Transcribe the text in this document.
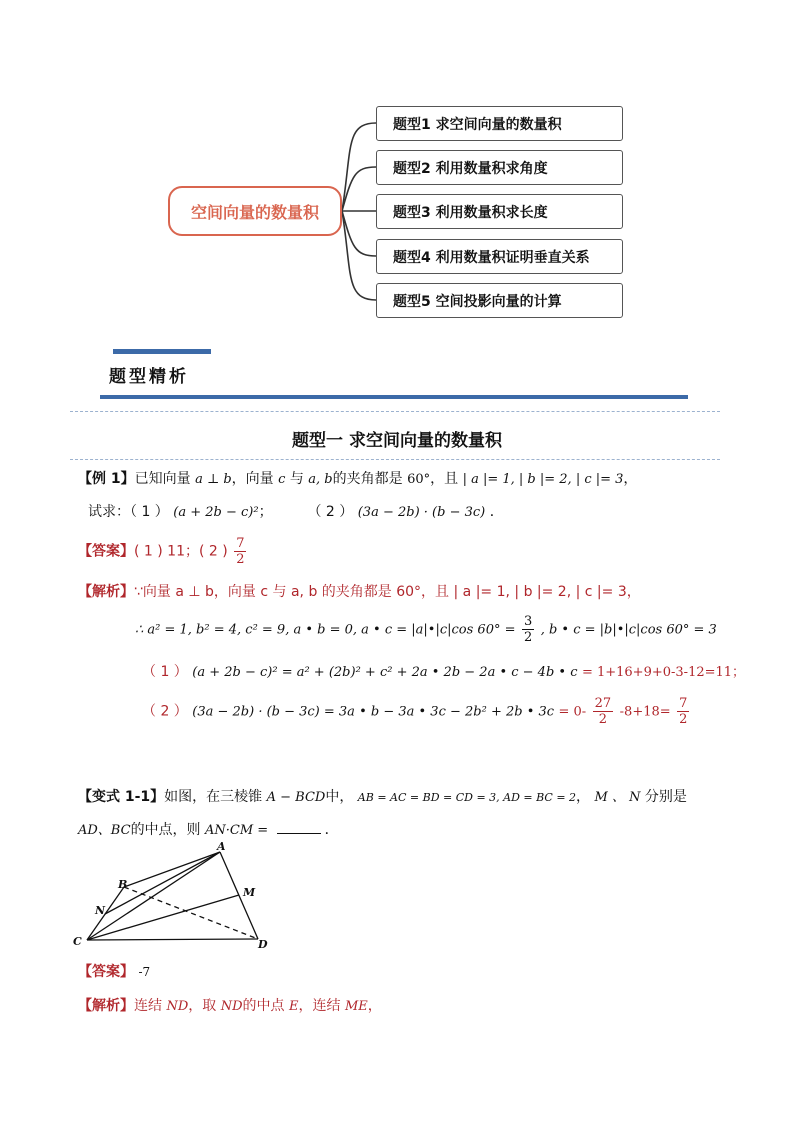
空间向量的数量积
题型1 求空间向量的数量积
题型2 利用数量积求角度
题型3 利用数量积求长度
题型4 利用数量积证明垂直关系
题型5 空间投影向量的计算
题型精析
题型一 求空间向量的数量积
【例 1】已知向量 a ⊥ b，向量 c 与 a, b的夹角都是 60°，且 | a |= 1, | b |= 2, | c |= 3，
试求：（ 1 ） (a + 2b − c)²； （ 2 ） (3a − 2b) · (b − 3c) ．
【答案】( 1 ) 11；( 2 ) $\frac{7}{2}$
【解析】∵向量 a ⊥ b，向量 c 与 a, b 的夹角都是 60°，且 | a |= 1, | b |= 2, | c |= 3，
∴ a² = 1, b² = 4, c² = 9, a • b = 0, a • c = |a|•|c|cos $60^\circ = \frac{3}{2}$ , b • c = |b|•|c|cos 60° = 3
（ 1 ） (a + 2b − c)² = a² + (2b)² + c² + 2a • 2b − 2a • c − 4b • c = 1+16+9+0-3-12=11；
（ 2 ） (3a − 2b) · (b − 3c) = 3a • b − 3a • 3c − 2b² + 2b • $3c = 0- \frac{27}{2} -8+18= \frac{7}{2}$
【变式 1-1】如图，在三棱锥 A − BCD中， AB = AC = BD = CD = 3, AD = BC = 2， M 、 N 分别是
AD、BC的中点，则 AN·CM =	．
A
B
N
M
C	D
【答案】 -7
【解析】连结 ND，取 ND的中点 E，连结 ME，
